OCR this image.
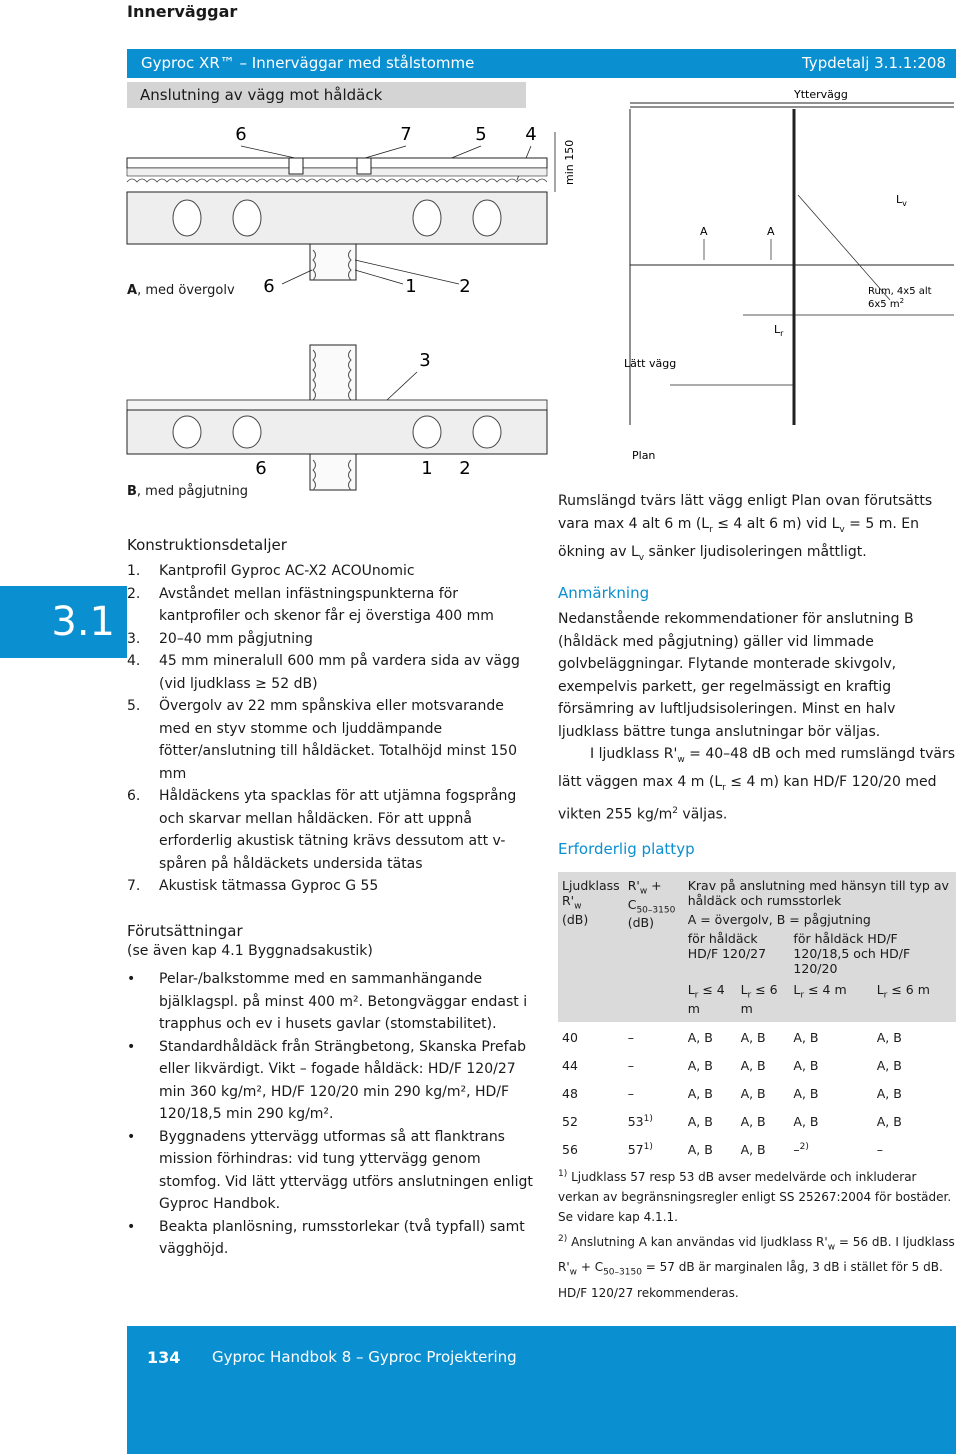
Innerväggar
Gyproc XR™ – Innerväggar med stålstomme	Typdetalj 3.1.1:208
Anslutning av vägg mot håldäck
3.1
6	7	5 4
min 150
6	1 2
3
6	1 2
A, med övergolv
B, med pågjutning
Yttervägg
$L_v$
A	A
Rum, 4x5 alt
6x5 $m^2$
$L_r$
Lätt vägg
Plan
Konstruktionsdetaljer
1. Kantprofil Gyproc AC-X2 ACOUnomic
2. Avståndet mellan infästningspunkterna för kantprofiler och skenor får ej överstiga 400 mm
3. 20–40 mm pågjutning
4. 45 mm mineralull 600 mm på vardera sida av vägg (vid ljudklass ≥ 52 dB)
5. Övergolv av 22 mm spånskiva eller motsvarande med en styv stomme och ljuddämpande fötter/anslutning till håldäcket. Totalhöjd minst 150 mm
6. Håldäckens yta spacklas för att utjämna fogsprång och skarvar mellan håldäcken. För att uppnå erforderlig akustisk tätning krävs dessutom att v-spåren på håldäckets undersida tätas
7. Akustisk tätmassa Gyproc G 55
Förutsättningar
(se även kap 4.1 Byggnadsakustik)
• Pelar-/balkstomme med en sammanhängande bjälklagspl. på minst 400 m². Betongväggar endast i trapphus och ev i husets gavlar (stomstabilitet).
• Standardhåldäck från Strängbetong, Skanska Prefab eller likvärdigt. Vikt – fogade håldäck: HD/F 120/27 min 360 kg/m², HD/F 120/20 min 290 kg/m², HD/F 120/18,5 min 290 kg/m².
• Byggnadens yttervägg utformas så att flanktrans mission förhindras: vid tung yttervägg genom stomfog. Vid lätt yttervägg utförs anslutningen enligt Gyproc Handbok.
• Beakta planlösning, rumsstorlekar (två typfall) samt vägghöjd.
Rumslängd tvärs lätt vägg enligt Plan ovan förutsätts vara max 4 alt 6 m ($L_r \le 4$ alt 6 m) vid $L_v = 5$ m. En ökning av $L_v$ sänker ljudisoleringen måttligt.
Anmärkning
Nedanstående rekommendationer för anslutning B (håldäck med pågjutning) gäller vid limmade golvbeläggningar. Flytande monterade skivgolv, exempelvis parkett, ger regelmässigt en kraftig försämring av luftljudsisoleringen. Minst en halv ljudklass bättre tunga anslutningar bör väljas.
I ljudklass $R'_w = 40-48$ dB och med rumslängd tvärs lätt väggen max 4 m ($L_r \le 4$ m) kan HD/F 120/20 med vikten 255 $kg/m^2$ väljas.
Erforderlig plattyp
Ljudklass $R'_w$
(dB)	$R'_w$ +
$C_{50-3150}$
(dB)	Krav på anslutning med hänsyn till typ av håldäck och rumsstorlek			
		A = övergolv, B = pågjutning			
		för håldäck HD/F 120/27		för håldäck HD/F 120/18,5 och HD/F 120/20	
		$L_r \le 4$ m	$L_r \le 6$ m	$L_r \le 4$ m	$L_r \le 6$ m
40	–	A, B	A, B	A, B	A, B
44	–	A, B	A, B	A, B	A, B
48	–	A, B	A, B	A, B	A, B
52	53$^{1)}$	A, B	A, B	A, B	A, B
56	57$^{1)}$	A, B	A, B	–$^{2)}$	–
$^{1)}$ Ljudklass 57 resp 53 dB avser medelvärde och inkluderar verkan av begränsningsregler enligt SS 25267:2004 för bostäder. Se vidare kap 4.1.1.
$^{2)}$ Anslutning A kan användas vid ljudklass $R'_w = 56$ dB. I ljudklass $R'_w + C_{50-3150} = 57$ dB är marginalen låg, 3 dB i stället för 5 dB. HD/F 120/27 rekommenderas.
134 Gyproc Handbok 8 – Gyproc Projektering
